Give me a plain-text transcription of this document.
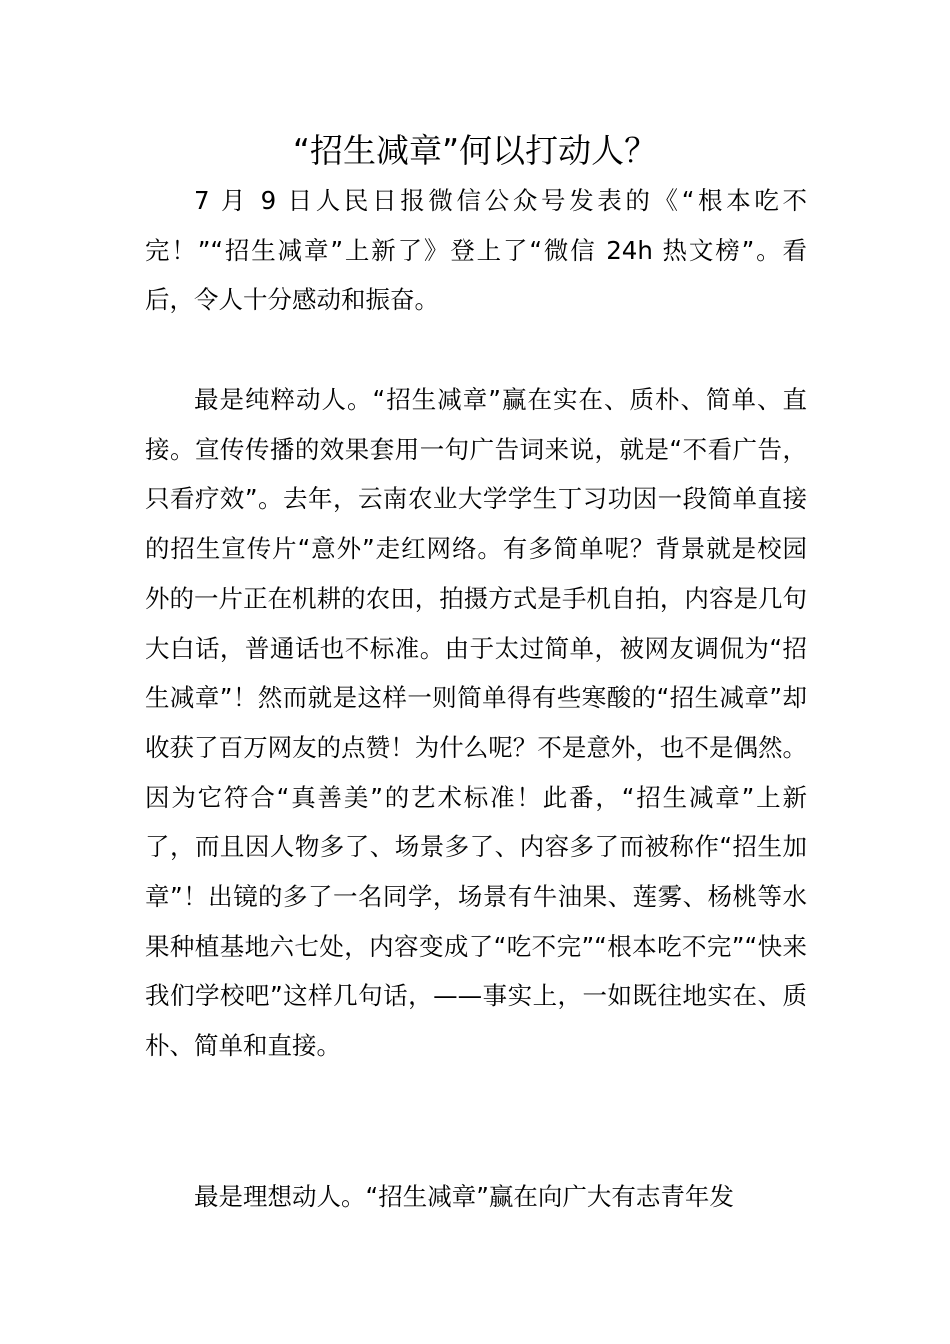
“招生减章”何以打动人？

7 月 9 日人民日报微信公众号发表的《“根本吃不完！”“招生减章”上新了》登上了“微信 24h 热文榜”。看后，令人十分感动和振奋。

最是纯粹动人。“招生减章”赢在实在、质朴、简单、直接。宣传传播的效果套用一句广告词来说，就是“不看广告，只看疗效”。去年，云南农业大学学生丁习功因一段简单直接的招生宣传片“意外”走红网络。有多简单呢？背景就是校园外的一片正在机耕的农田，拍摄方式是手机自拍，内容是几句大白话，普通话也不标准。由于太过简单，被网友调侃为“招生减章”！然而就是这样一则简单得有些寒酸的“招生减章”却收获了百万网友的点赞！为什么呢？不是意外，也不是偶然。因为它符合“真善美”的艺术标准！此番，“招生减章”上新了，而且因人物多了、场景多了、内容多了而被称作“招生加章”！出镜的多了一名同学，场景有牛油果、莲雾、杨桃等水果种植基地六七处，内容变成了“吃不完”“根本吃不完”“快来我们学校吧”这样几句话，——事实上，一如既往地实在、质朴、简单和直接。

最是理想动人。“招生减章”赢在向广大有志青年发
